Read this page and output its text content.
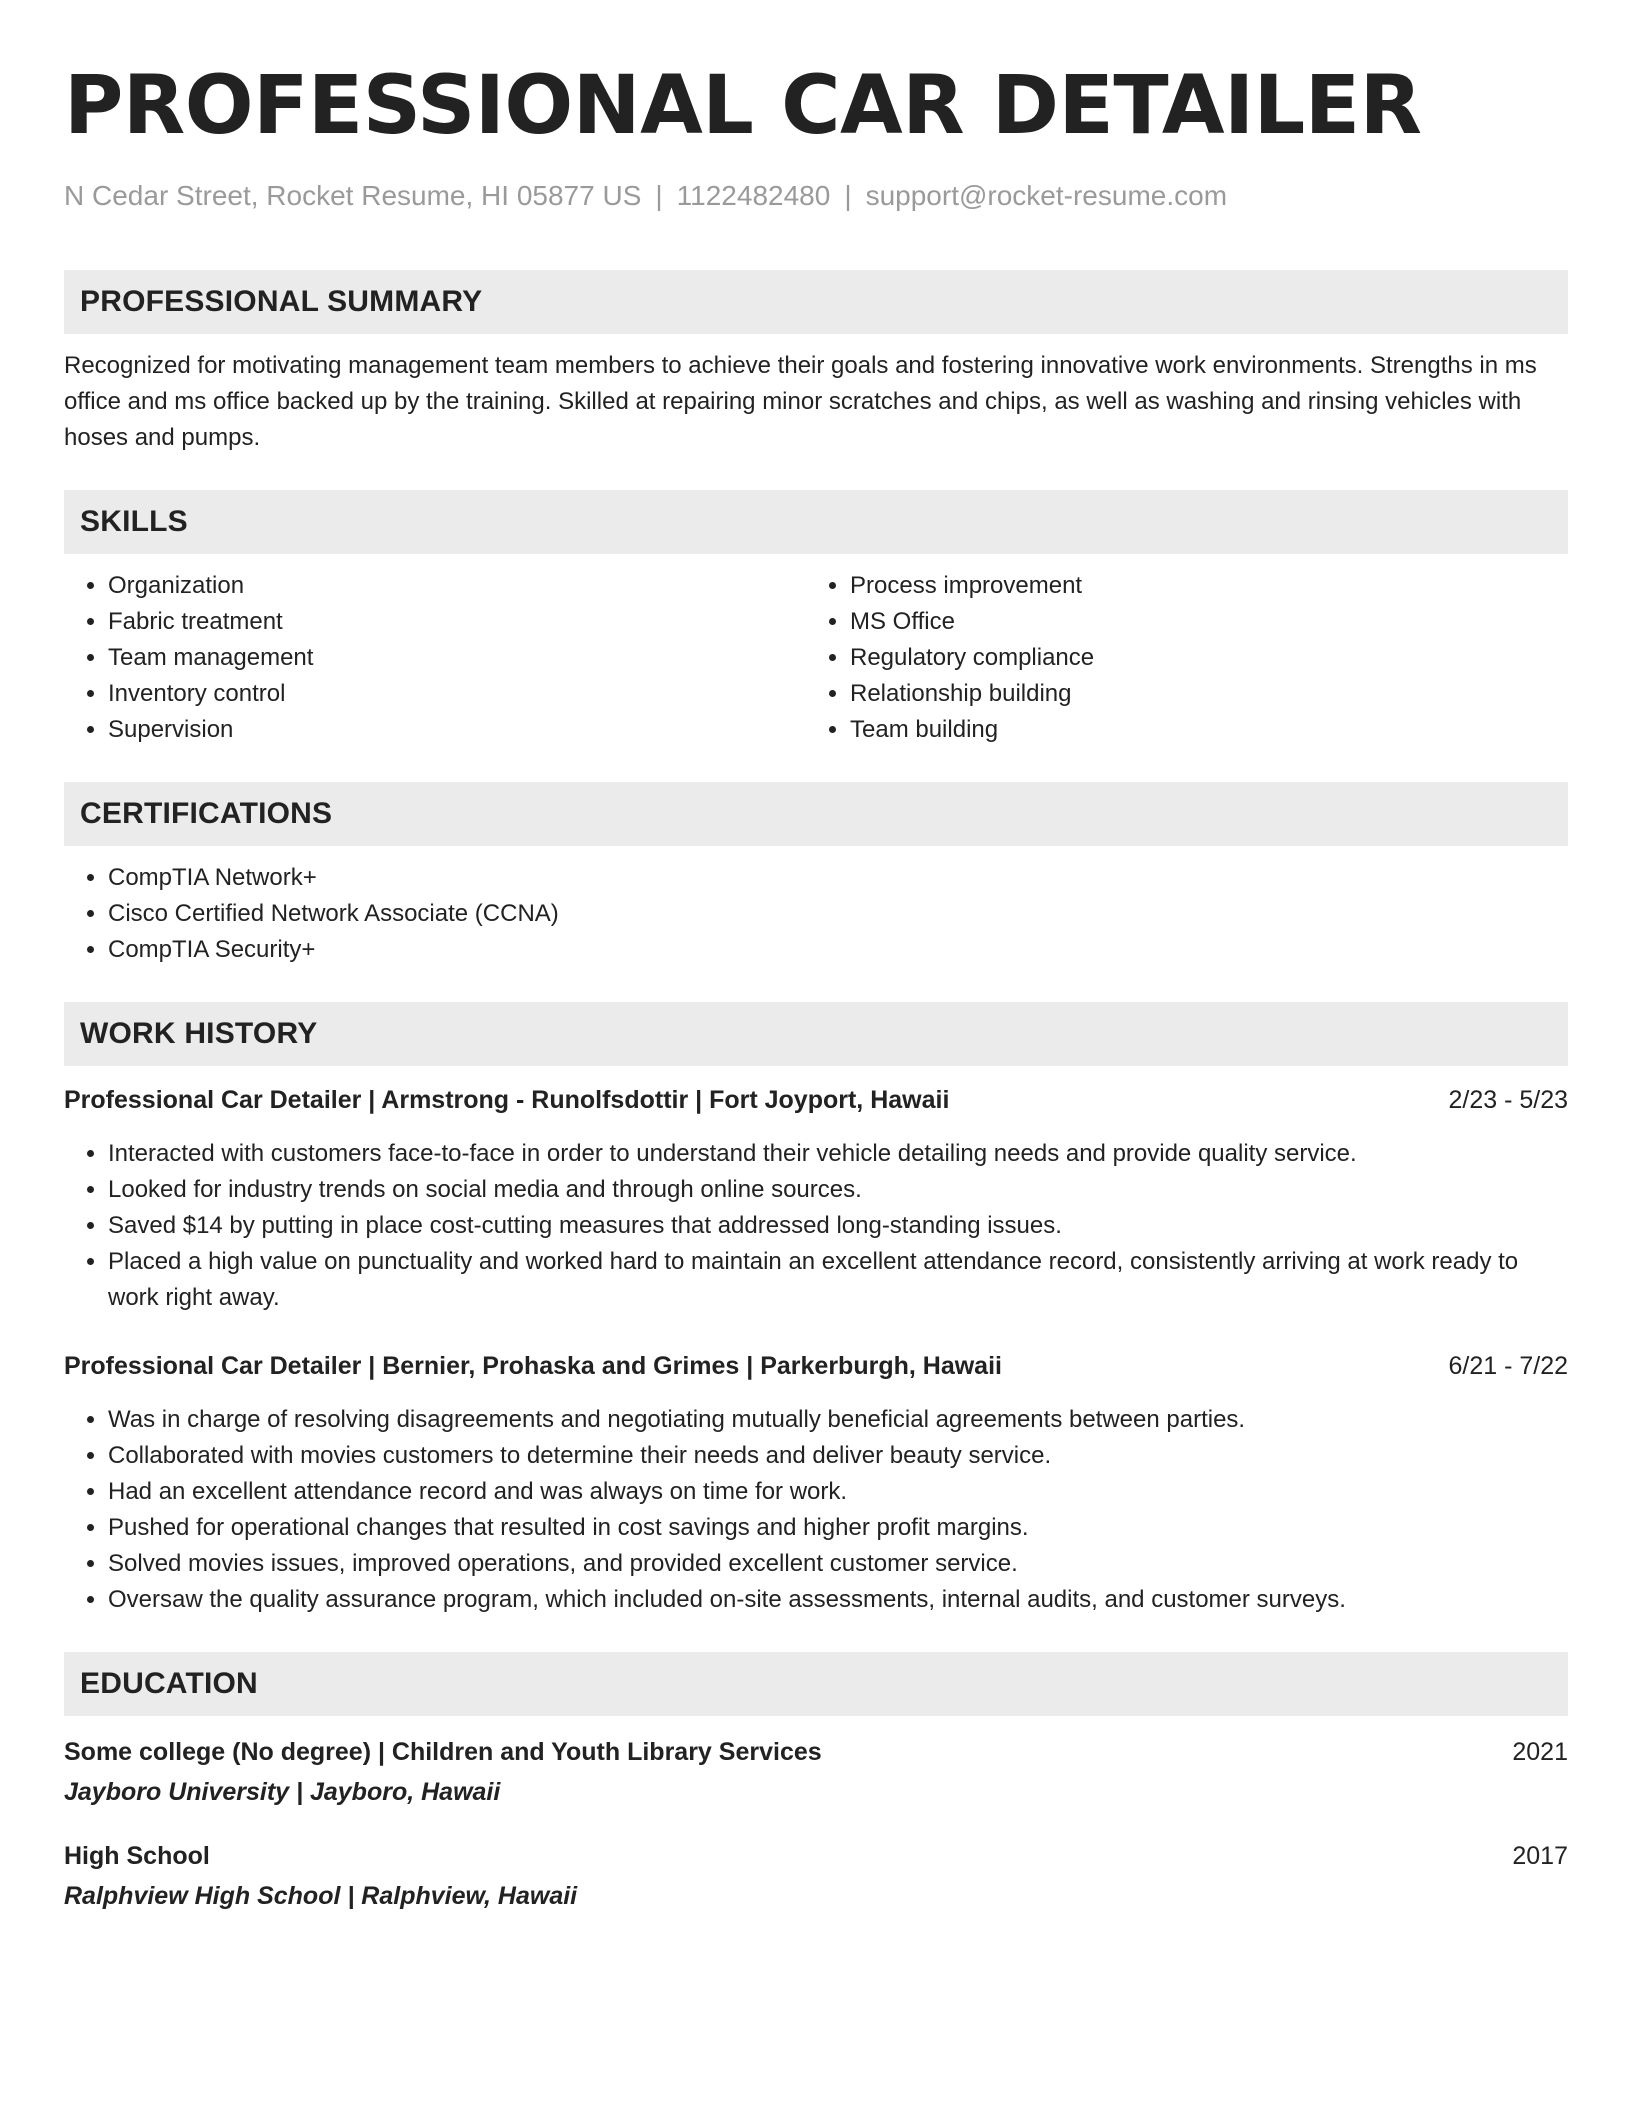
PROFESSIONAL CAR DETAILER
N Cedar Street, Rocket Resume, HI 05877 US | 1122482480 | support@rocket-resume.com
PROFESSIONAL SUMMARY
Recognized for motivating management team members to achieve their goals and fostering innovative work environments. Strengths in ms office and ms office backed up by the training. Skilled at repairing minor scratches and chips, as well as washing and rinsing vehicles with hoses and pumps.
SKILLS
• Organization
• Fabric treatment
• Team management
• Inventory control
• Supervision
• Process improvement
• MS Office
• Regulatory compliance
• Relationship building
• Team building
CERTIFICATIONS
• CompTIA Network+
• Cisco Certified Network Associate (CCNA)
• CompTIA Security+
WORK HISTORY
Professional Car Detailer | Armstrong - Runolfsdottir | Fort Joyport, Hawaii	2/23 - 5/23
• Interacted with customers face-to-face in order to understand their vehicle detailing needs and provide quality service.
• Looked for industry trends on social media and through online sources.
• Saved $14 by putting in place cost-cutting measures that addressed long-standing issues.
• Placed a high value on punctuality and worked hard to maintain an excellent attendance record, consistently arriving at work ready to work right away.
Professional Car Detailer | Bernier, Prohaska and Grimes | Parkerburgh, Hawaii	6/21 - 7/22
• Was in charge of resolving disagreements and negotiating mutually beneficial agreements between parties.
• Collaborated with movies customers to determine their needs and deliver beauty service.
• Had an excellent attendance record and was always on time for work.
• Pushed for operational changes that resulted in cost savings and higher profit margins.
• Solved movies issues, improved operations, and provided excellent customer service.
• Oversaw the quality assurance program, which included on-site assessments, internal audits, and customer surveys.
EDUCATION
Some college (No degree) | Children and Youth Library Services	2021
Jayboro University | Jayboro, Hawaii
High School	2017
Ralphview High School | Ralphview, Hawaii
